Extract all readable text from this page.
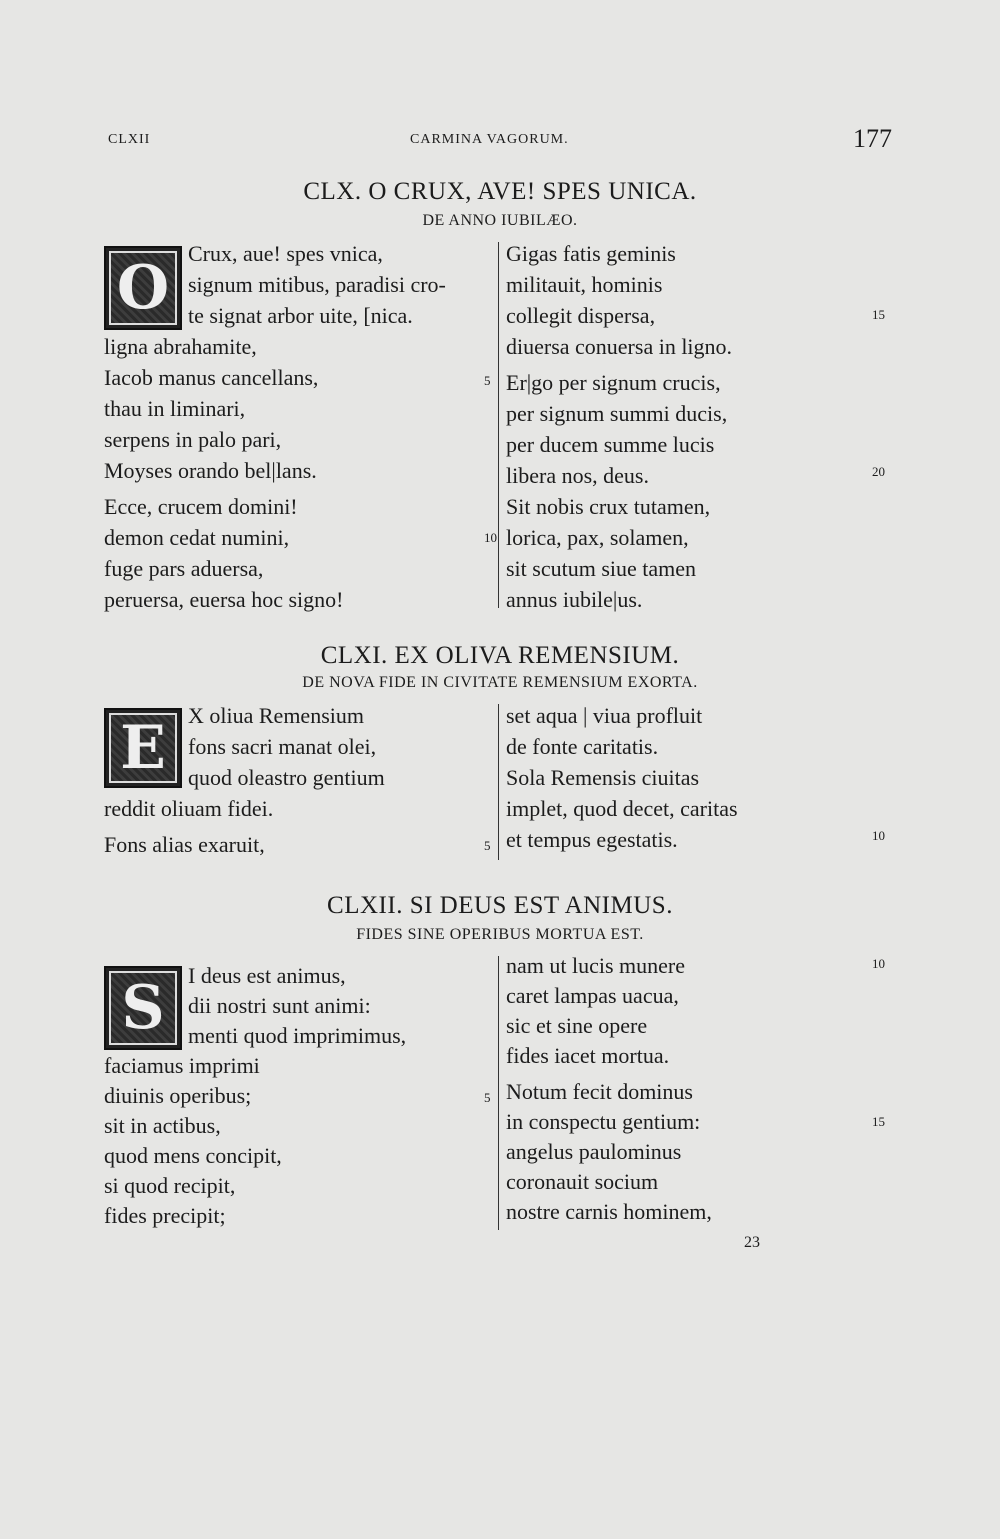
CLXII	CARMINA VAGORUM.	177
CLX. O CRUX, AVE! SPES UNICA.
DE ANNO IUBILÆO.
O Crux, aue! spes vnica,
signum mitibus, paradisi cro-
te signat arbor uite, [nica.
ligna abrahamite,
Iacob manus cancellans,
thau in liminari,
serpens in palo pari,
Moyses orando bel|lans.
Ecce, crucem domini!
demon cedat numini,
fuge pars aduersa,
peruersa, euersa hoc signo!
5
10
Gigas fatis geminis
militauit, hominis
collegit dispersa,
diuersa conuersa in ligno.
Er|go per signum crucis,
per signum summi ducis,
per ducem summe lucis
libera nos, deus.
Sit nobis crux tutamen,
lorica, pax, solamen,
sit scutum siue tamen
annus iubile|us.
15
20
CLXI. EX OLIVA REMENSIUM.
DE NOVA FIDE IN CIVITATE REMENSIUM EXORTA.
E X oliua Remensium
fons sacri manat olei,
quod oleastro gentium
reddit oliuam fidei.
Fons alias exaruit,	5
set aqua | viua profluit
de fonte caritatis.
Sola Remensis ciuitas
implet, quod decet, caritas
et tempus egestatis.	10
CLXII. SI DEUS EST ANIMUS.
FIDES SINE OPERIBUS MORTUA EST.
S I deus est animus,
dii nostri sunt animi:
menti quod imprimimus,
faciamus imprimi
diuinis operibus;
sit in actibus,
quod mens concipit,
si quod recipit,
fides precipit;
5
nam ut lucis munere
caret lampas uacua,
sic et sine opere
fides iacet mortua.
Notum fecit dominus
in conspectu gentium:
angelus paulominus
coronauit socium
nostre carnis hominem,
10
15
23
